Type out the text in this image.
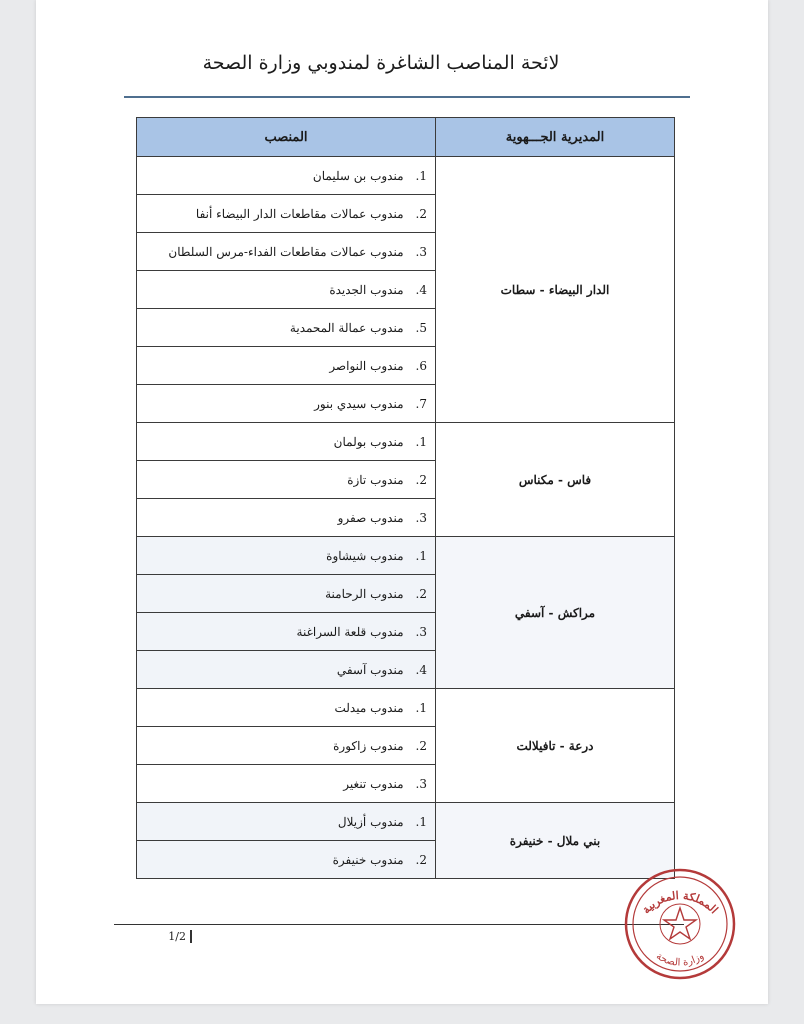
لائحة المناصب الشاغرة لمندوبي وزارة الصحة
المديرية الجـــهوية	المنصب
الدار البيضاء - سطات	1.مندوب بن سليمان
	2.مندوب عمالات مقاطعات الدار البيضاء أنفا
	3.مندوب عمالات مقاطعات الفداء-مرس السلطان
	4.مندوب الجديدة
	5.مندوب عمالة المحمدية
	6.مندوب النواصر
	7.مندوب سيدي بنور
فاس - مكناس	1.مندوب بولمان
	2.مندوب تازة
	3.مندوب صفرو
مراكش - آسفي	1.مندوب شيشاوة
	2.مندوب الرحامنة
	3.مندوب قلعة السراغنة
	4.مندوب آسفي
درعة - تافيلالت	1.مندوب ميدلت
	2.مندوب زاكورة
	3.مندوب تنغير
بني ملال - خنيفرة	1.مندوب أزيلال
	2.مندوب خنيفرة
1/2
المملكة المغربية
وزارة الصحة
